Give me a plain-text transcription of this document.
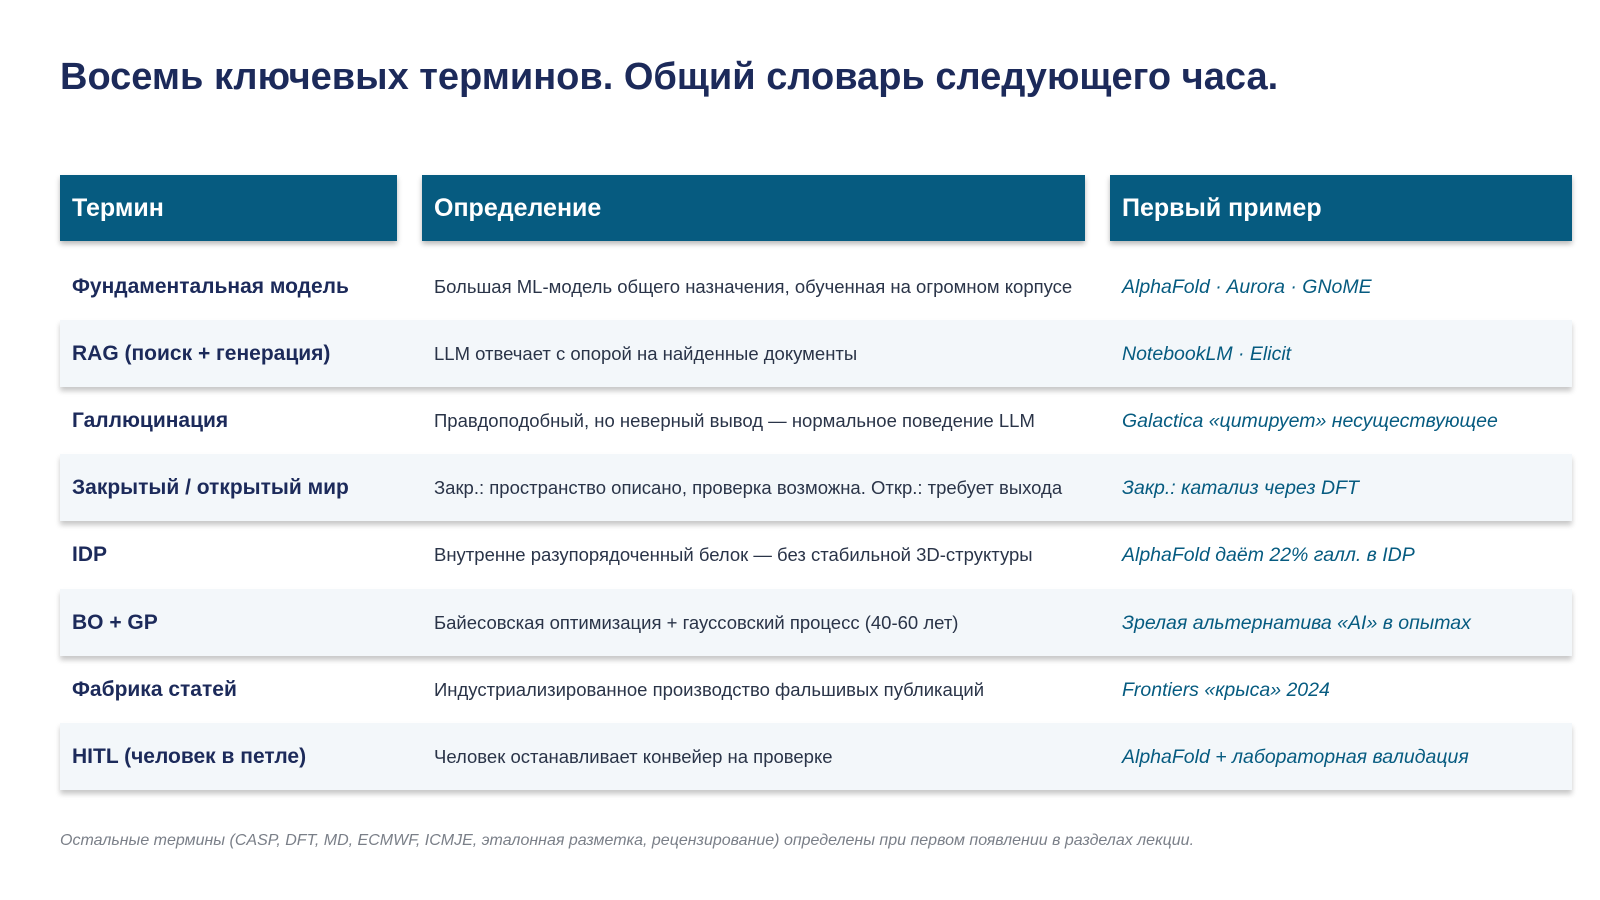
Восемь ключевых терминов. Общий словарь следующего часа.
Термин	Определение	Первый пример
Фундаментальная модель	Большая ML-модель общего назначения, обученная на огромном корпусе	AlphaFold · Aurora · GNoME
RAG (поиск + генерация)	LLM отвечает с опорой на найденные документы	NotebookLM · Elicit
Галлюцинация	Правдоподобный, но неверный вывод — нормальное поведение LLM	Galactica «цитирует» несуществующее
Закрытый / открытый мир	Закр.: пространство описано, проверка возможна. Откр.: требует выхода	Закр.: катализ через DFT
IDP	Внутренне разупорядоченный белок — без стабильной 3D-структуры	AlphaFold даёт 22% галл. в IDP
BO + GP	Байесовская оптимизация + гауссовский процесс (40-60 лет)	Зрелая альтернатива «AI» в опытах
Фабрика статей	Индустриализированное производство фальшивых публикаций	Frontiers «крыса» 2024
HITL (человек в петле)	Человек останавливает конвейер на проверке	AlphaFold + лабораторная валидация
Остальные термины (CASP, DFT, MD, ECMWF, ICMJE, эталонная разметка, рецензирование) определены при первом появлении в разделах лекции.
